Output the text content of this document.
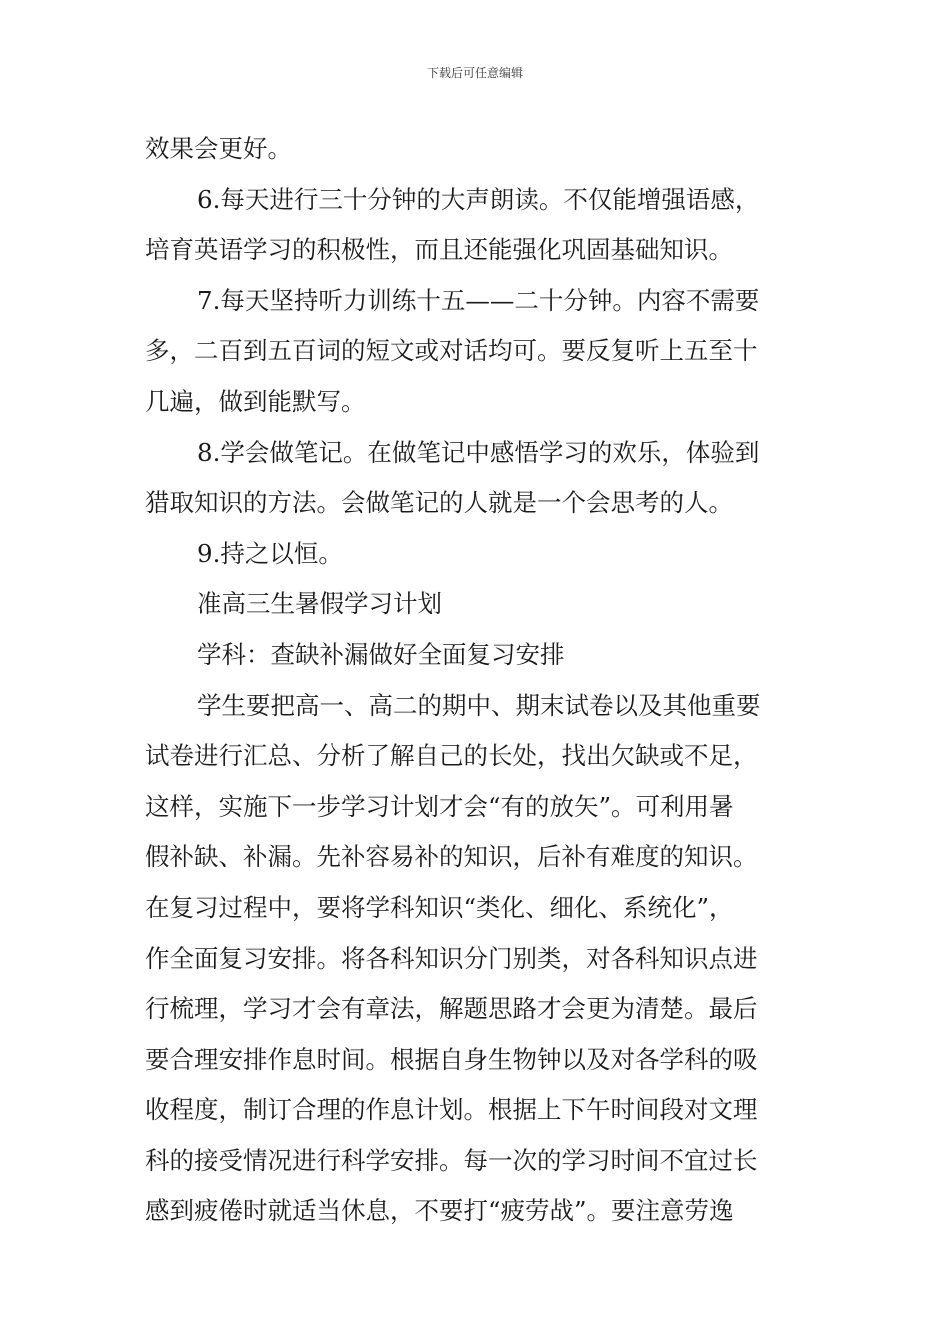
下载后可任意编辑
效果会更好。
6.每天进行三十分钟的大声朗读。不仅能增强语感，
培育英语学习的积极性，而且还能强化巩固基础知识。
7.每天坚持听力训练十五——二十分钟。内容不需要
多，二百到五百词的短文或对话均可。要反复听上五至十
几遍，做到能默写。
8.学会做笔记。在做笔记中感悟学习的欢乐，体验到
猎取知识的方法。会做笔记的人就是一个会思考的人。
9.持之以恒。
准高三生暑假学习计划
学科：查缺补漏做好全面复习安排
学生要把高一、高二的期中、期末试卷以及其他重要
试卷进行汇总、分析了解自己的长处，找出欠缺或不足，
这样，实施下一步学习计划才会“有的放矢”。可利用暑
假补缺、补漏。先补容易补的知识，后补有难度的知识。
在复习过程中，要将学科知识“类化、细化、系统化”，
作全面复习安排。将各科知识分门别类，对各科知识点进
行梳理，学习才会有章法，解题思路才会更为清楚。最后
要合理安排作息时间。根据自身生物钟以及对各学科的吸
收程度，制订合理的作息计划。根据上下午时间段对文理
科的接受情况进行科学安排。每一次的学习时间不宜过长
感到疲倦时就适当休息，不要打“疲劳战”。要注意劳逸
